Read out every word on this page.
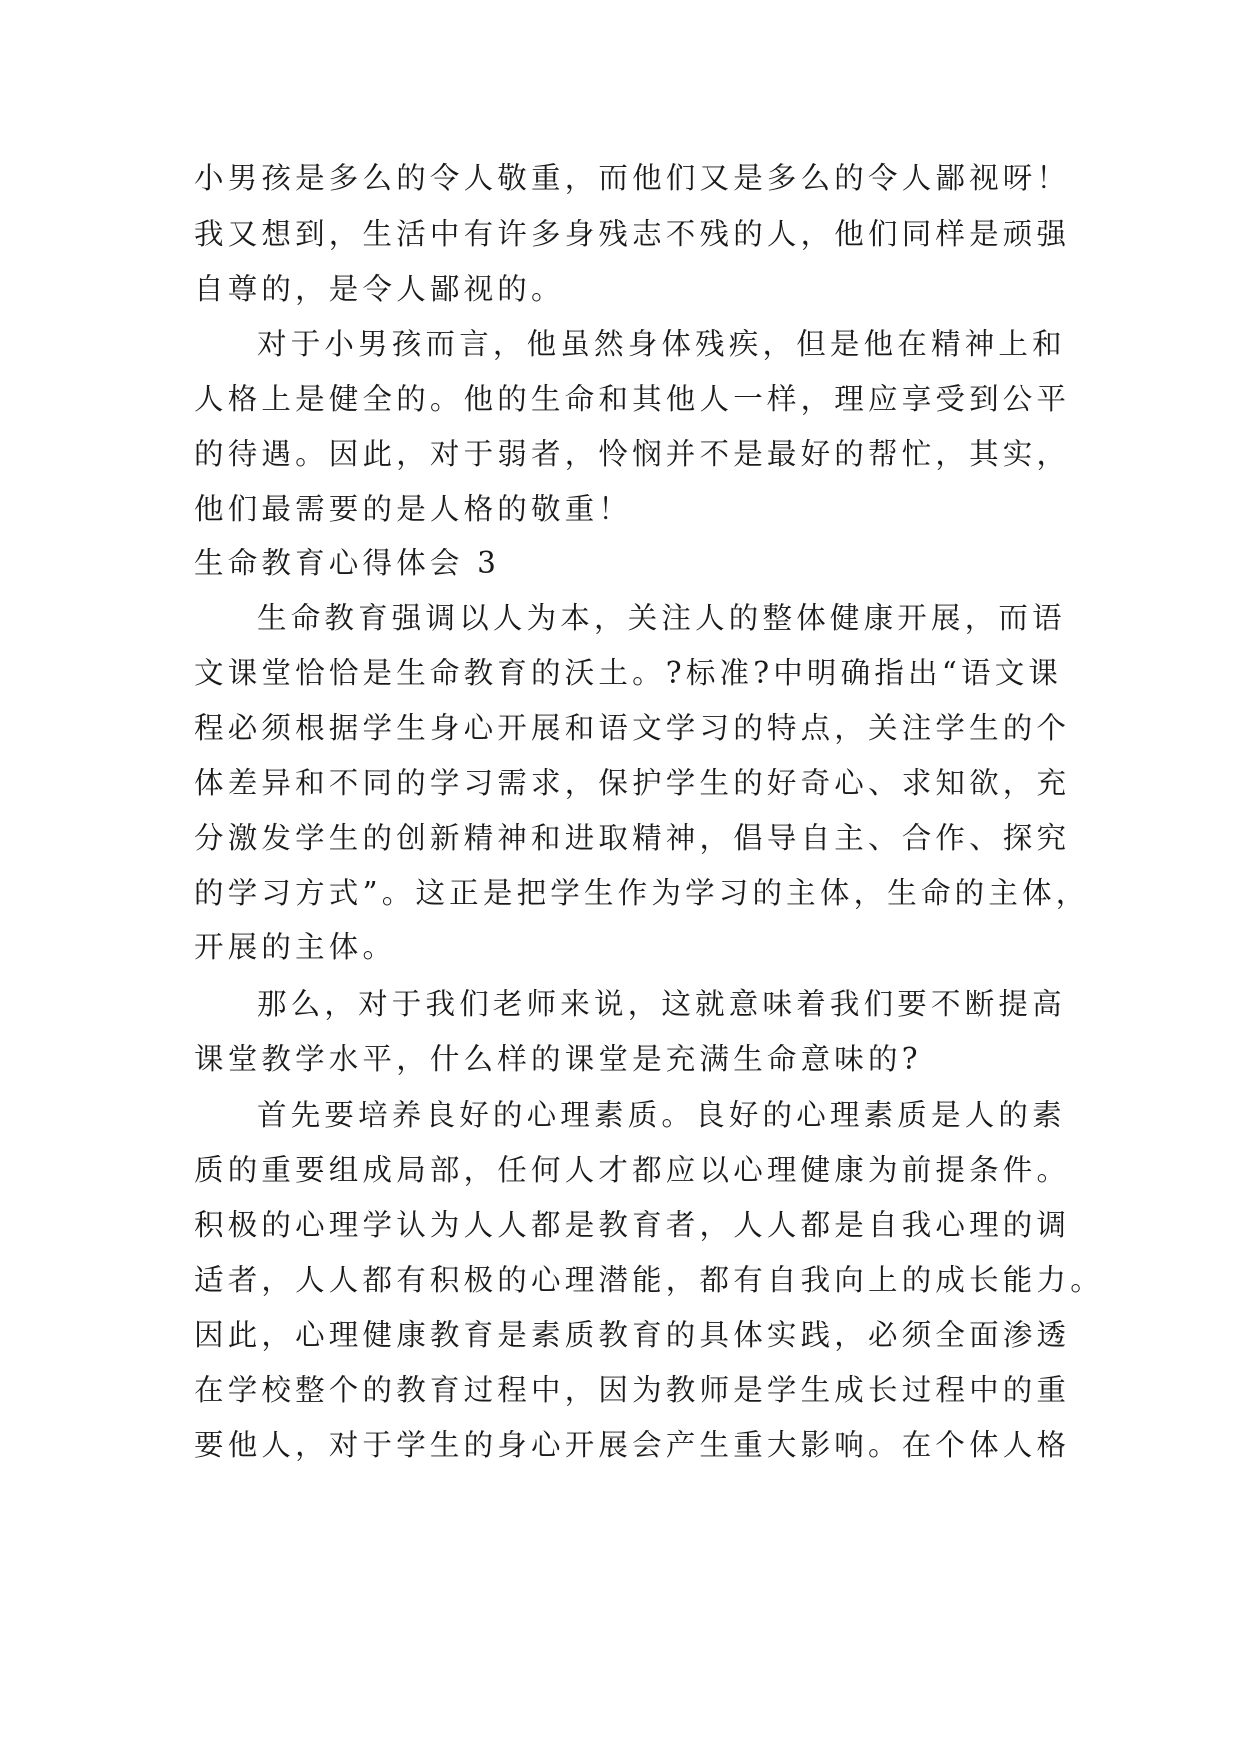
小男孩是多么的令人敬重，而他们又是多么的令人鄙视呀！
我又想到，生活中有许多身残志不残的人，他们同样是顽强
自尊的，是令人鄙视的。
对于小男孩而言，他虽然身体残疾，但是他在精神上和
人格上是健全的。他的生命和其他人一样，理应享受到公平
的待遇。因此，对于弱者，怜悯并不是最好的帮忙，其实，
他们最需要的是人格的敬重！
生命教育心得体会 3
生命教育强调以人为本，关注人的整体健康开展，而语
文课堂恰恰是生命教育的沃土。?标准?中明确指出“语文课
程必须根据学生身心开展和语文学习的特点，关注学生的个
体差异和不同的学习需求，保护学生的好奇心、求知欲，充
分激发学生的创新精神和进取精神，倡导自主、合作、探究
的学习方式”。这正是把学生作为学习的主体，生命的主体，
开展的主体。
那么，对于我们老师来说，这就意味着我们要不断提高
课堂教学水平，什么样的课堂是充满生命意味的?
首先要培养良好的心理素质。良好的心理素质是人的素
质的重要组成局部，任何人才都应以心理健康为前提条件。
积极的心理学认为人人都是教育者，人人都是自我心理的调
适者，人人都有积极的心理潜能，都有自我向上的成长能力。
因此，心理健康教育是素质教育的具体实践，必须全面渗透
在学校整个的教育过程中，因为教师是学生成长过程中的重
要他人，对于学生的身心开展会产生重大影响。在个体人格
